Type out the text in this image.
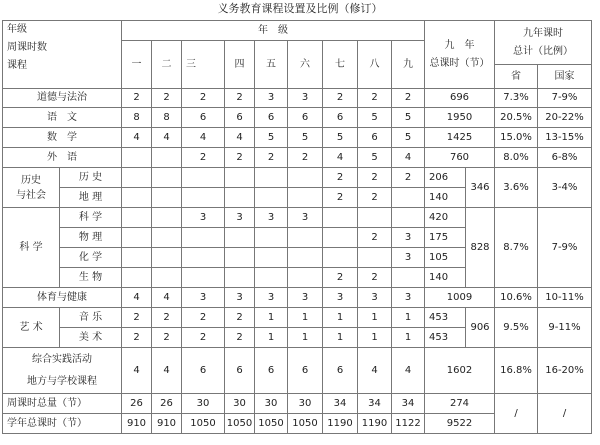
义务教育课程设置及比例（修订）
年级
周课时数
课程		年　级									九　年
总课时（节）		九年课时
总计（比例）	

		一	二	三	四	五	六	七	八	九				
													省	国家
道德与法治		2	2	2	2	3	3	2	2	2	696		7.3%	7-9%
语　文		8	8	6	6	6	6	6	5	5	1950		20.5%	20-22%
数　学		4	4	4	4	5	5	5	6	5	1425		15.0%	13-15%
外　语				2	2	2	2	4	5	4	760		8.0%	6-8%

历史
与社会	历 史							2	2	2	206	346	3.6%	3-4%
	地 理							2	2		140			
科 学	科 学			3	3	3	3				420	828	8.7%	7-9%
	物 理								2	3	175			
	化 学									3	105			
	生 物							2	2		140			
体育与健康		4	4	3	3	3	3	3	3	3	1009		10.6%	10-11%
艺 术	音 乐	2	2	2	2	1	1	1	1	1	453	906	9.5%	9-11%
	美 术	2	2	2	2	1	1	1	1	1	453			

综合实践活动
地方与学校课程		4	4	6	6	6	6	6	4	4	1602		16.8%	16-20%
周课时总量（节）		26	26	30	30	30	30	34	34	34	274		/	/
学年总课时（节）		910	910	1050	1050	1050	1050	1190	1190	1122	9522			
